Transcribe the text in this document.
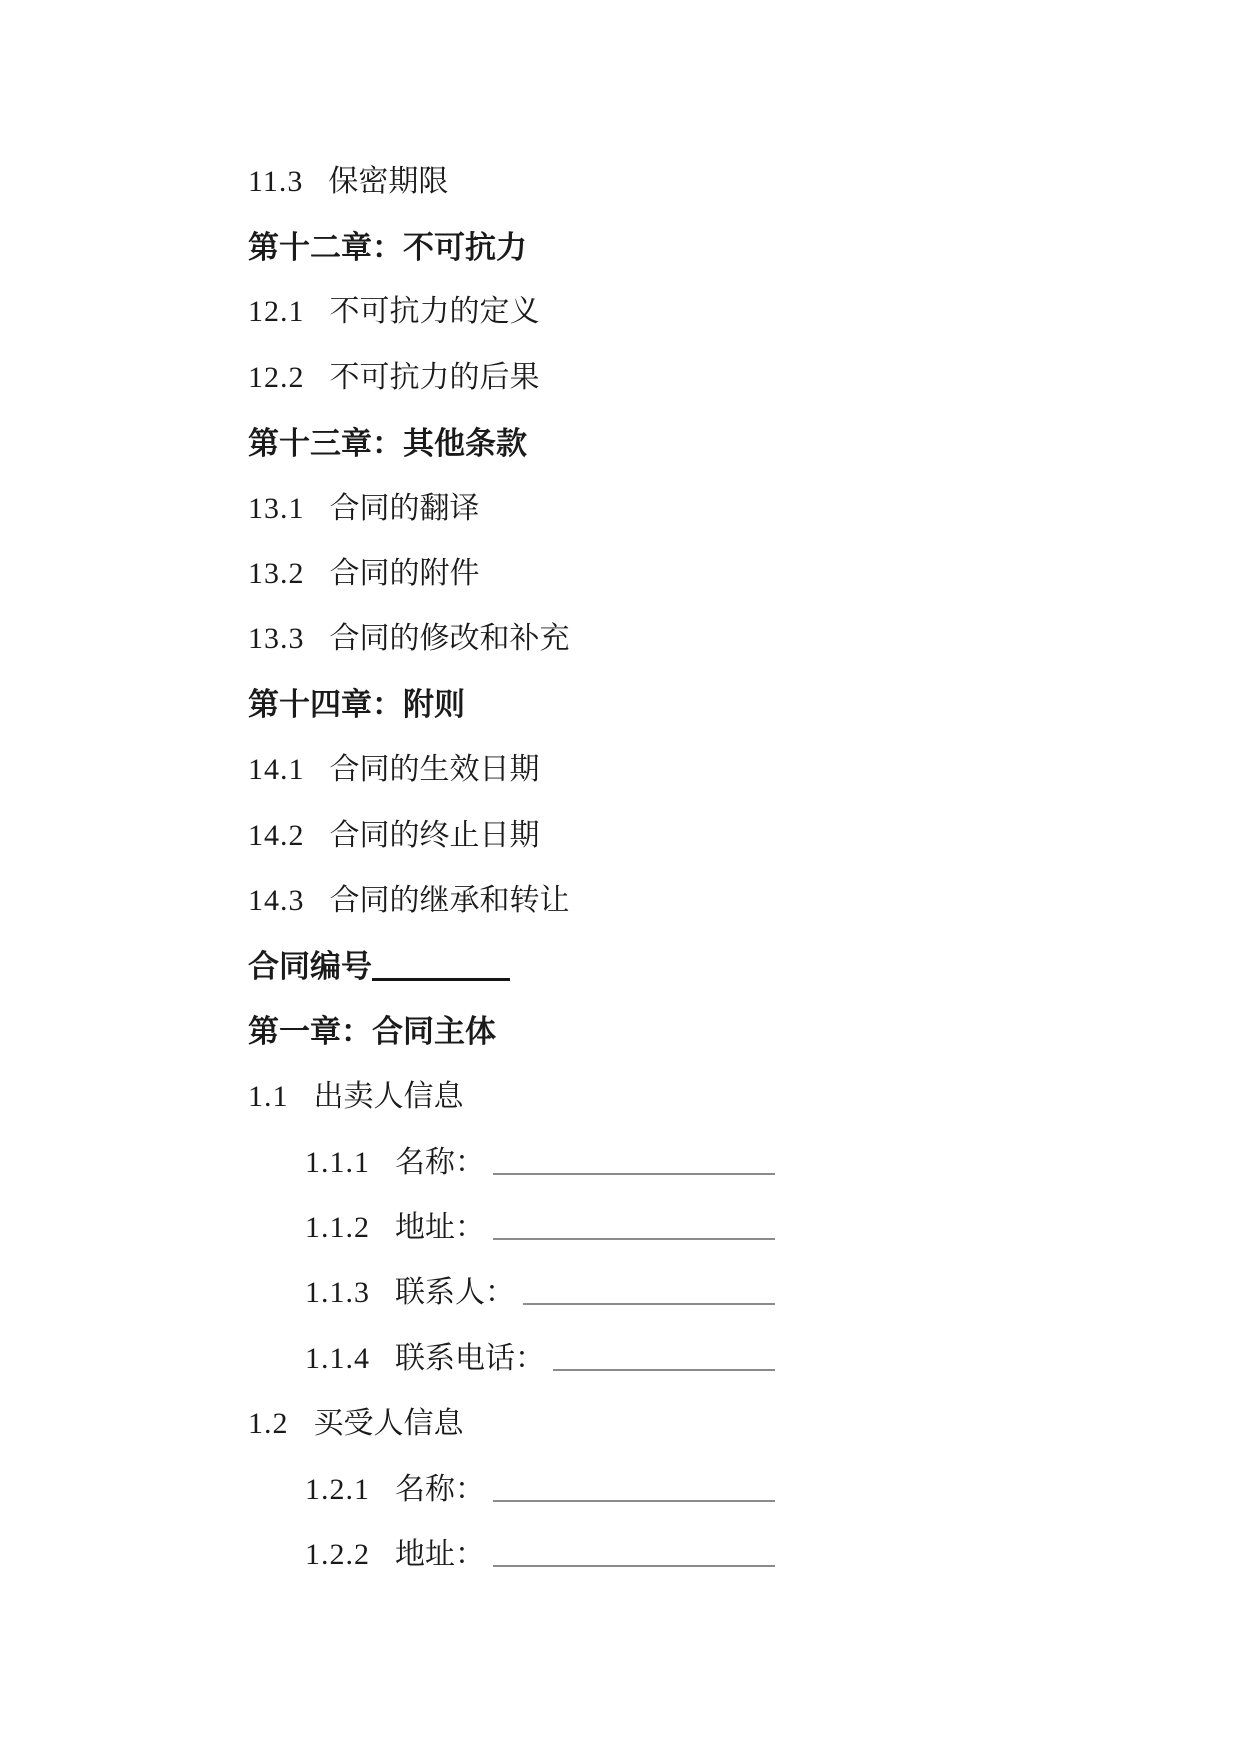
11.3 保密期限
第十二章：不可抗力
12.1 不可抗力的定义
12.2 不可抗力的后果
第十三章：其他条款
13.1 合同的翻译
13.2 合同的附件
13.3 合同的修改和补充
第十四章：附则
14.1 合同的生效日期
14.2 合同的终止日期
14.3 合同的继承和转让
合同编号
第一章：合同主体
1.1 出卖人信息
1.1.1 名称：
1.1.2 地址：
1.1.3 联系人：
1.1.4 联系电话：
1.2 买受人信息
1.2.1 名称：
1.2.2 地址：
